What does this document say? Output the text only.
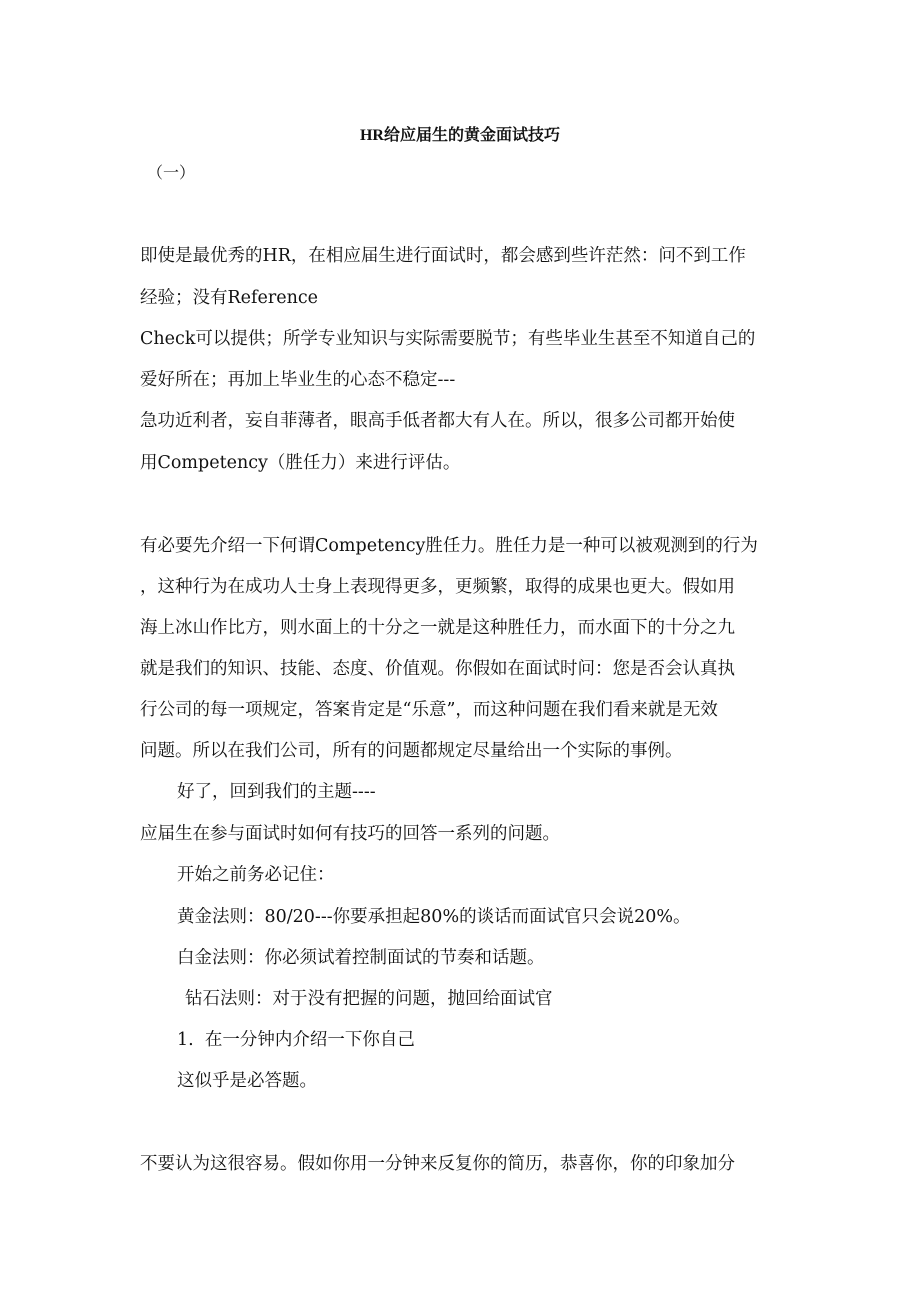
HR给应届生的黄金面试技巧
（一）
即使是最优秀的HR，在相应届生进行面试时，都会感到些许茫然：问不到工作
经验；没有Reference
Check可以提供；所学专业知识与实际需要脱节；有些毕业生甚至不知道自己的
爱好所在；再加上毕业生的心态不稳定---
急功近利者，妄自菲薄者，眼高手低者都大有人在。所以，很多公司都开始使
用Competency（胜任力）来进行评估。
有必要先介绍一下何谓Competency胜任力。胜任力是一种可以被观测到的行为
，这种行为在成功人士身上表现得更多，更频繁，取得的成果也更大。假如用
海上冰山作比方，则水面上的十分之一就是这种胜任力，而水面下的十分之九
就是我们的知识、技能、态度、价值观。你假如在面试时问：您是否会认真执
行公司的每一项规定，答案肯定是“乐意”，而这种问题在我们看来就是无效
问题。所以在我们公司，所有的问题都规定尽量给出一个实际的事例。
好了，回到我们的主题----
应届生在参与面试时如何有技巧的回答一系列的问题。
开始之前务必记住：
黄金法则：80/20---你要承担起80%的谈话而面试官只会说20%。
白金法则：你必须试着控制面试的节奏和话题。
钻石法则：对于没有把握的问题，抛回给面试官
1.  在一分钟内介绍一下你自己
这似乎是必答题。
不要认为这很容易。假如你用一分钟来反复你的简历，恭喜你，你的印象加分
